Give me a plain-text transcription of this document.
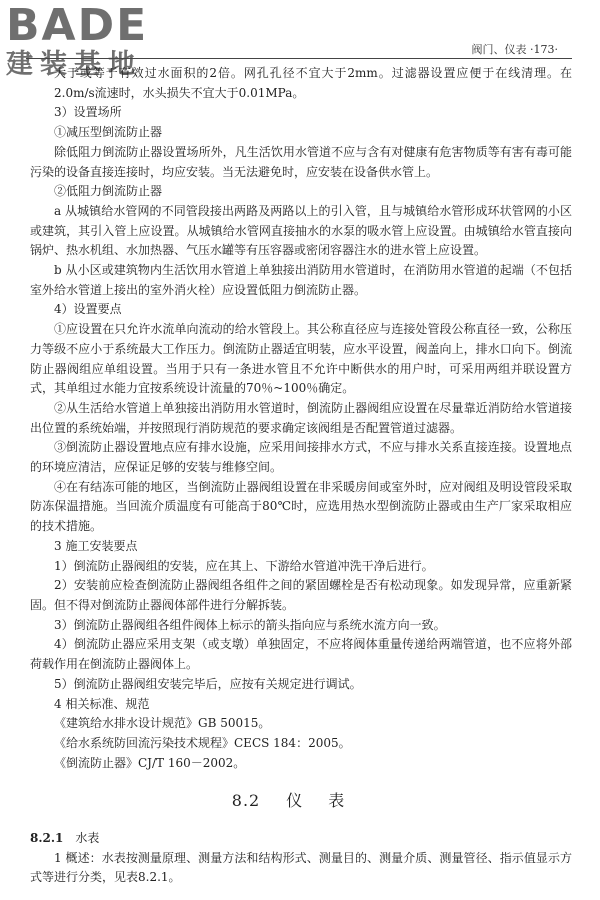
BADE
建装基地	阀门、仪表 ·173·

大于或等于有效过水面积的2倍。网孔孔径不宜大于2mm。过滤器设置应便于在线清理。在2.0m/s流速时，水头损失不宜大于0.01MPa。

3）设置场所

①减压型倒流防止器

除低阻力倒流防止器设置场所外，凡生活饮用水管道不应与含有对健康有危害物质等有害有毒可能污染的设备直接连接时，均应安装。当无法避免时，应安装在设备供水管上。

②低阻力倒流防止器

a 从城镇给水管网的不同管段接出两路及两路以上的引入管，且与城镇给水管形成环状管网的小区或建筑，其引入管上应设置。从城镇给水管网直接抽水的水泵的吸水管上应设置。由城镇给水管直接向锅炉、热水机组、水加热器、气压水罐等有压容器或密闭容器注水的进水管上应设置。

b 从小区或建筑物内生活饮用水管道上单独接出消防用水管道时，在消防用水管道的起端（不包括室外给水管道上接出的室外消火栓）应设置低阻力倒流防止器。

4）设置要点

①应设置在只允许水流单向流动的给水管段上。其公称直径应与连接处管段公称直径一致，公称压力等级不应小于系统最大工作压力。倒流防止器适宜明装，应水平设置，阀盖向上，排水口向下。倒流防止器阀组应单组设置。当用于只有一条进水管且不允许中断供水的用户时，可采用两组并联设置方式，其单组过水能力宜按系统设计流量的70％~100％确定。

②从生活给水管道上单独接出消防用水管道时，倒流防止器阀组应设置在尽量靠近消防给水管道接出位置的系统始端，并按照现行消防规范的要求确定该阀组是否配置管道过滤器。

③倒流防止器设置地点应有排水设施，应采用间接排水方式，不应与排水关系直接连接。设置地点的环境应清洁，应保证足够的安装与维修空间。

④在有结冻可能的地区，当倒流防止器阀组设置在非采暖房间或室外时，应对阀组及明设管段采取防冻保温措施。当回流介质温度有可能高于80℃时，应选用热水型倒流防止器或由生产厂家采取相应的技术措施。

3 施工安装要点

1）倒流防止器阀组的安装，应在其上、下游给水管道冲洗干净后进行。

2）安装前应检查倒流防止器阀组各组件之间的紧固螺栓是否有松动现象。如发现异常，应重新紧固。但不得对倒流防止器阀体部件进行分解拆装。

3）倒流防止器阀组各组件阀体上标示的箭头指向应与系统水流方向一致。

4）倒流防止器应采用支架（或支墩）单独固定，不应将阀体重量传递给两端管道，也不应将外部荷载作用在倒流防止器阀体上。

5）倒流防止器阀组安装完毕后，应按有关规定进行调试。

4 相关标准、规范

《建筑给水排水设计规范》GB 50015。

《给水系统防回流污染技术规程》CECS 184：2005。

《倒流防止器》CJ/T 160－2002。

8.2 仪表

8.2.1 水表

1 概述：水表按测量原理、测量方法和结构形式、测量目的、测量介质、测量管径、指示值显示方式等进行分类，见表8.2.1。
